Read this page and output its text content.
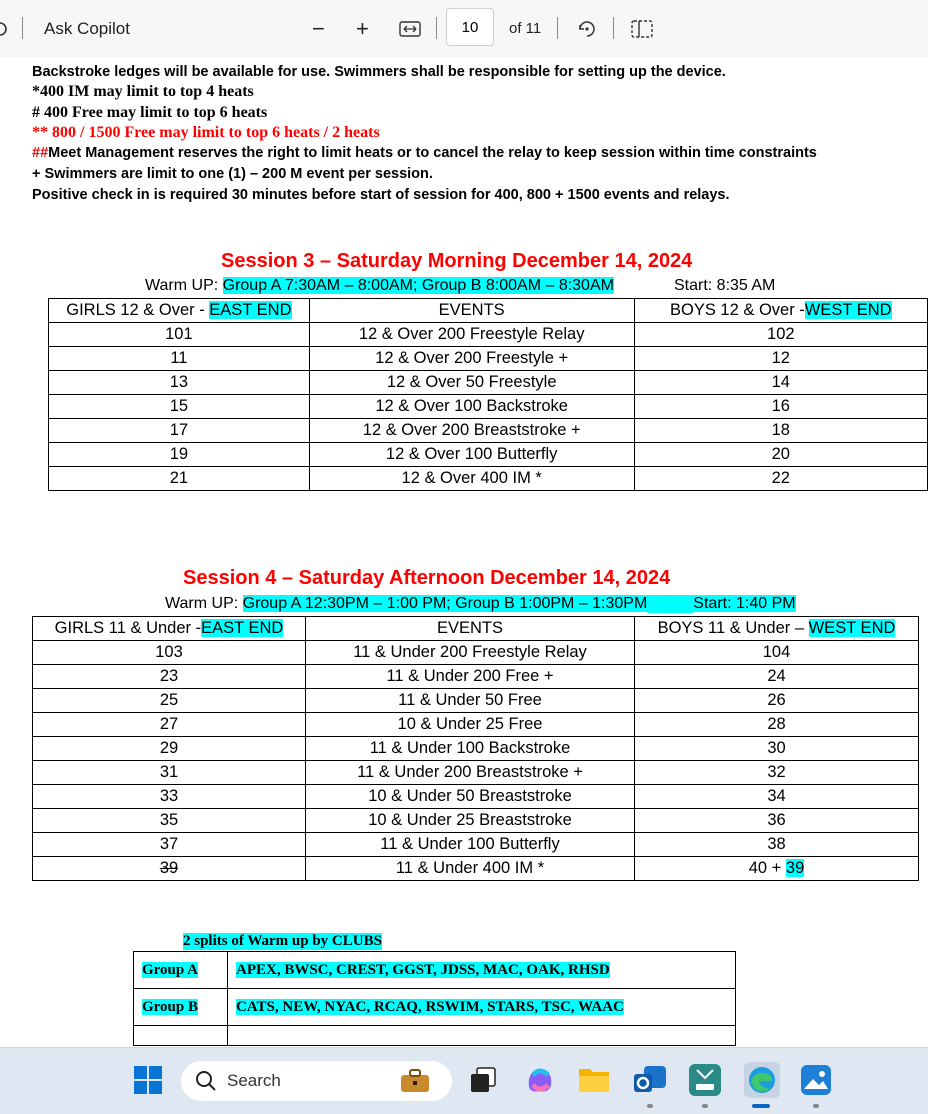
Ask Copilot	− +	10	of 11
Backstroke ledges will be available for use. Swimmers shall be responsible for setting up the device.
*400 IM may limit to top 4 heats
# 400 Free may limit to top 6 heats
** 800 / 1500 Free may limit to top 6 heats / 2 heats
##Meet Management reserves the right to limit heats or to cancel the relay to keep session within time constraints
+ Swimmers are limit to one (1) – 200 M event per session.
Positive check in is required 30 minutes before start of session for 400, 800 + 1500 events and relays.
Session 3 – Saturday Morning December 14, 2024
Warm UP: Group A 7:30AM – 8:00AM; Group B 8:00AM – 8:30AM	Start: 8:35 AM
GIRLS 12 & Over - EAST END	EVENTS	BOYS 12 & Over -WEST END
101	12 & Over 200 Freestyle Relay	102
11	12 & Over 200 Freestyle +	12
13	12 & Over 50 Freestyle	14
15	12 & Over 100 Backstroke	16
17	12 & Over 200 Breaststroke +	18
19	12 & Over 100 Butterfly	20
21	12 & Over 400 IM *	22
Session 4 – Saturday Afternoon December 14, 2024
Warm UP: Group A 12:30PM – 1:00 PM; Group B 1:00PM – 1:30PM	Start: 1:40 PM
GIRLS 11 & Under -EAST END	EVENTS	BOYS 11 & Under – WEST END
103	11 & Under 200 Freestyle Relay	104
23	11 & Under 200 Free +	24
25	11 & Under 50 Free	26
27	10 & Under 25 Free	28
29	11 & Under 100 Backstroke	30
31	11 & Under 200 Breaststroke +	32
33	10 & Under 50 Breaststroke	34
35	10 & Under 25 Breaststroke	36
37	11 & Under 100 Butterfly	38
39	11 & Under 400 IM *	40 + 39
2 splits of Warm up by CLUBS
Group A	APEX, BWSC, CREST, GGST, JDSS, MAC, OAK, RHSD
Group B	CATS, NEW, NYAC, RCAQ, RSWIM, STARS, TSC, WAAC

Search
